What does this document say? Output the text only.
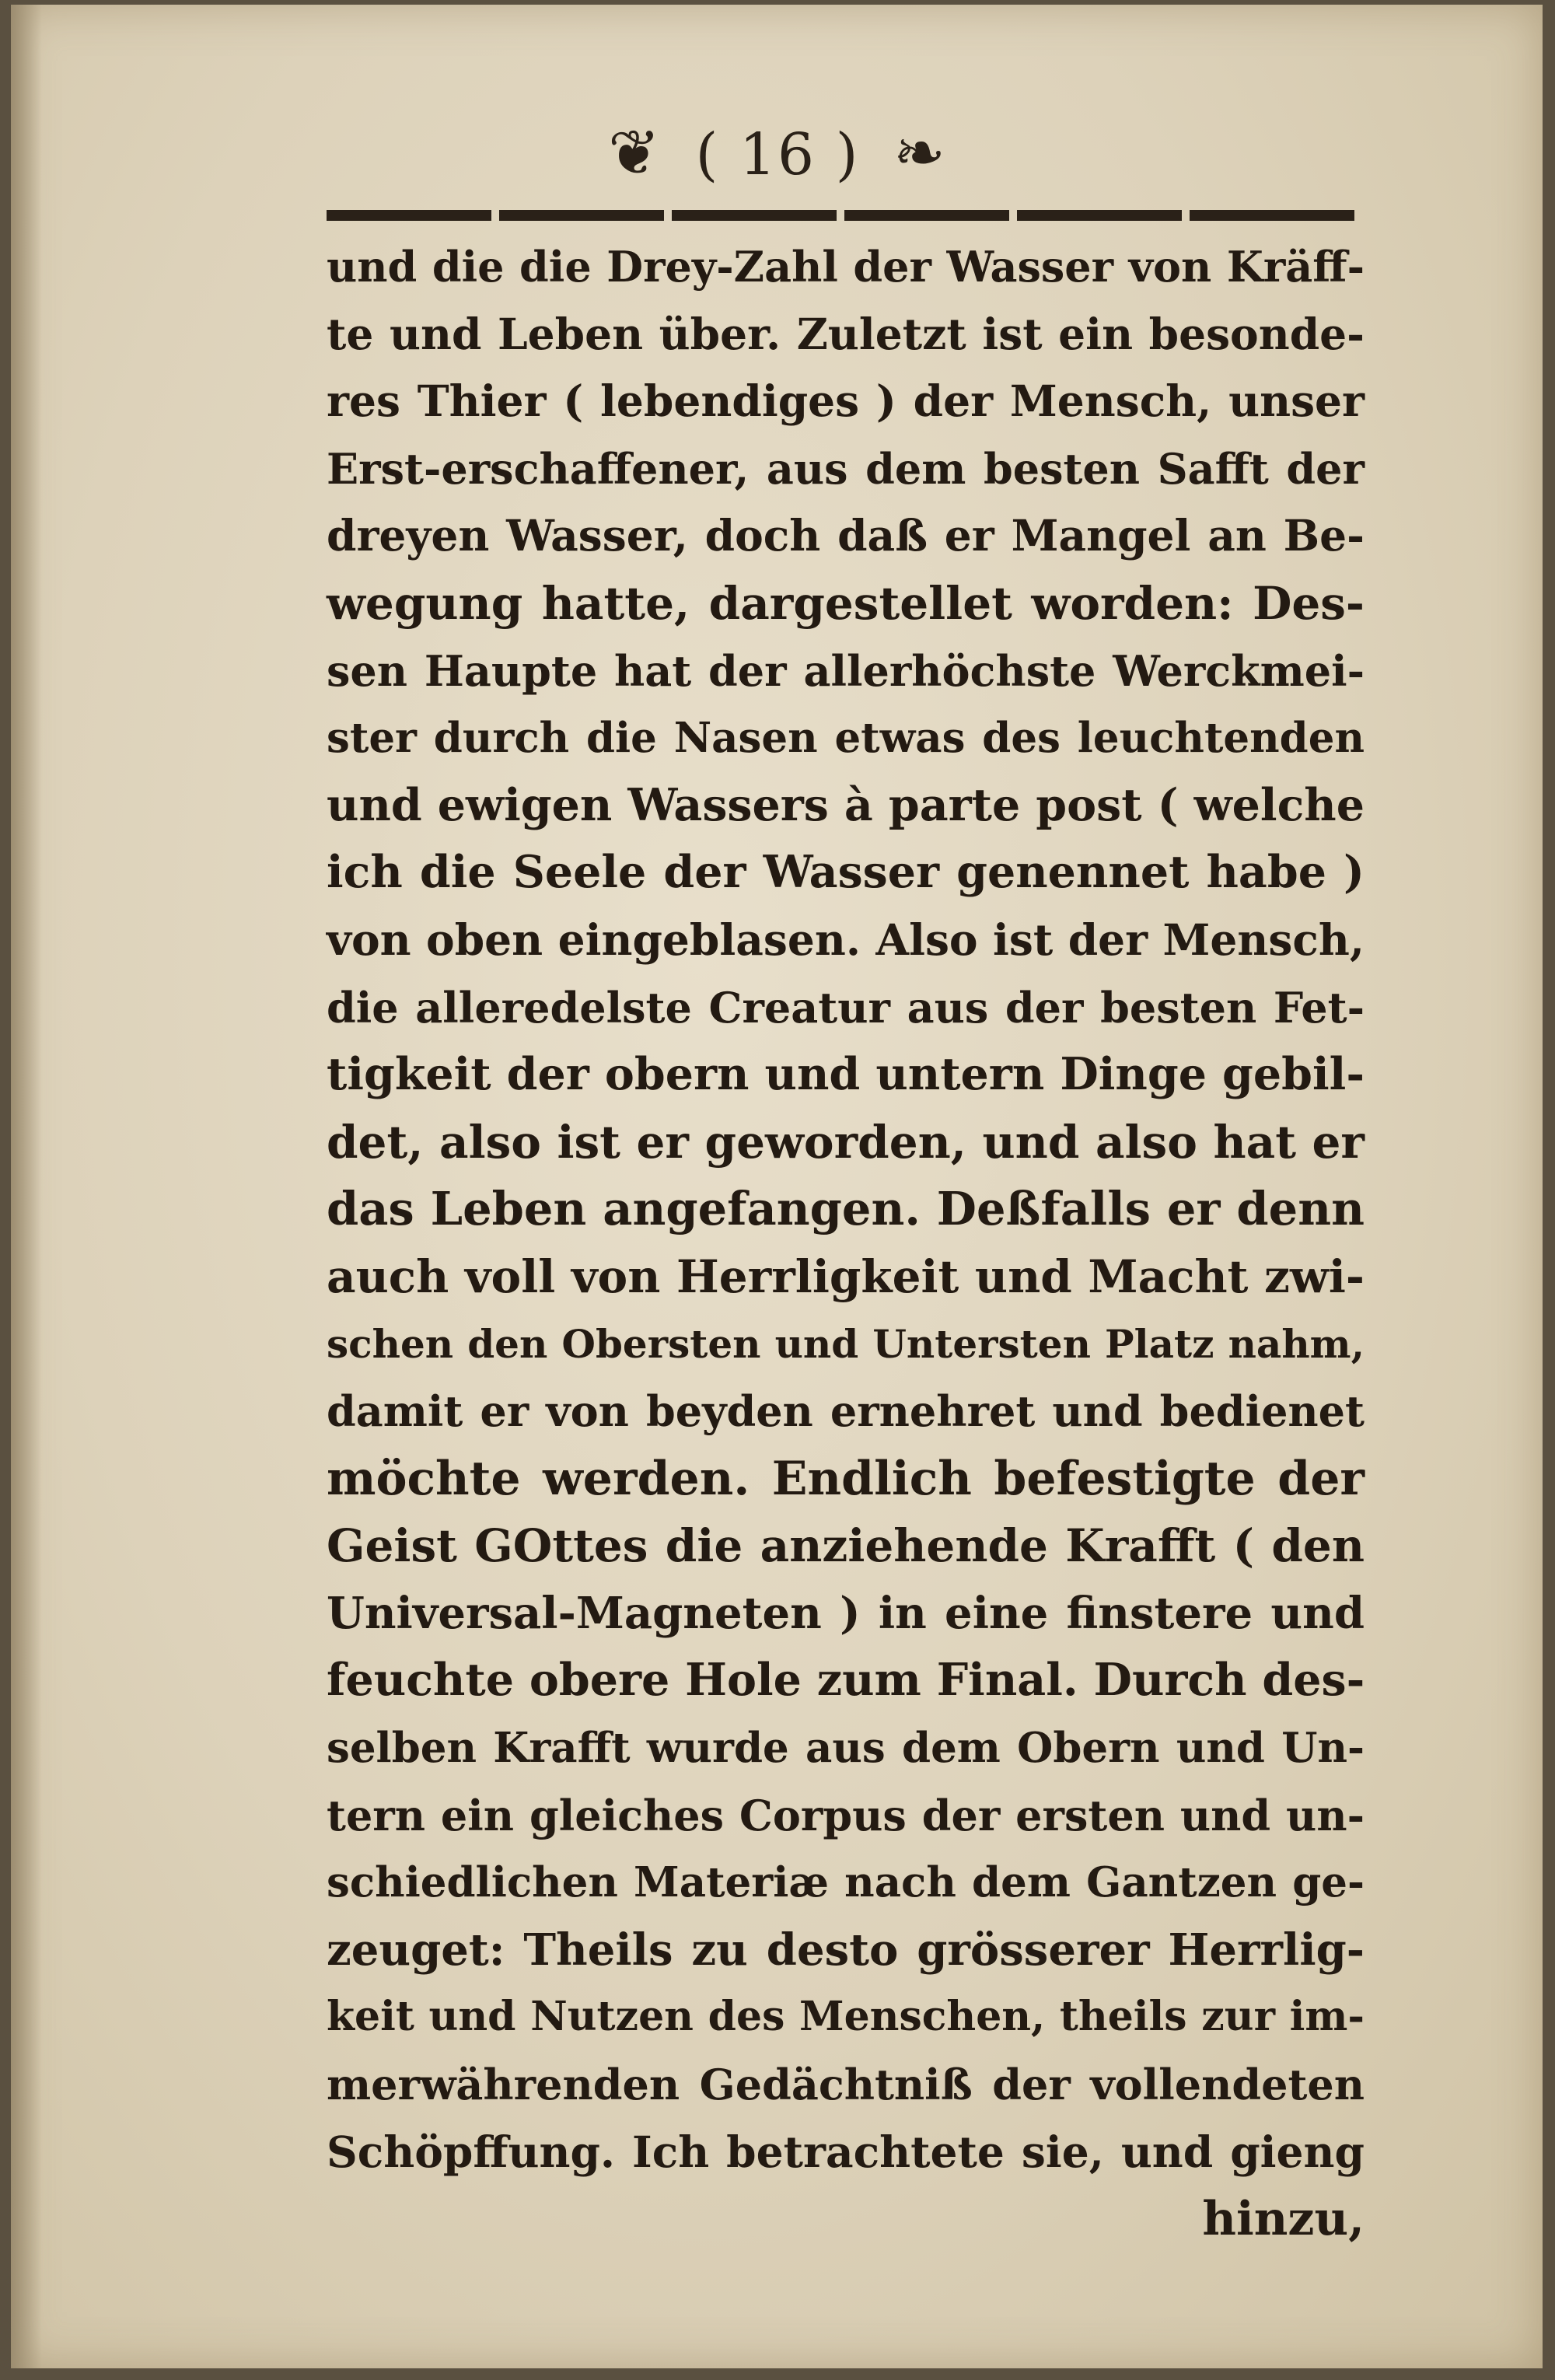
❦ ( 16 ) ❧
und die die Drey-Zahl der Wasser von Kräff-
te und Leben über. Zuletzt ist ein besonde-
res Thier ( lebendiges ) der Mensch, unser
Erst-erschaffener, aus dem besten Safft der
dreyen Wasser, doch daß er Mangel an Be-
wegung hatte, dargestellet worden: Des-
sen Haupte hat der allerhöchste Werckmei-
ster durch die Nasen etwas des leuchtenden
und ewigen Wassers à parte post ( welche
ich die Seele der Wasser genennet habe )
von oben eingeblasen. Also ist der Mensch,
die alleredelste Creatur aus der besten Fet-
tigkeit der obern und untern Dinge gebil-
det, also ist er geworden, und also hat er
das Leben angefangen. Deßfalls er denn
auch voll von Herrligkeit und Macht zwi-
schen den Obersten und Untersten Platz nahm,
damit er von beyden ernehret und bedienet
möchte werden. Endlich befestigte der
Geist GOttes die anziehende Krafft ( den
Universal-Magneten ) in eine finstere und
feuchte obere Hole zum Final. Durch des-
selben Krafft wurde aus dem Obern und Un-
tern ein gleiches Corpus der ersten und un-
schiedlichen Materiæ nach dem Gantzen ge-
zeuget: Theils zu desto grösserer Herrlig-
keit und Nutzen des Menschen, theils zur im-
merwährenden Gedächtniß der vollendeten
Schöpffung. Ich betrachtete sie, und gieng
hinzu,
